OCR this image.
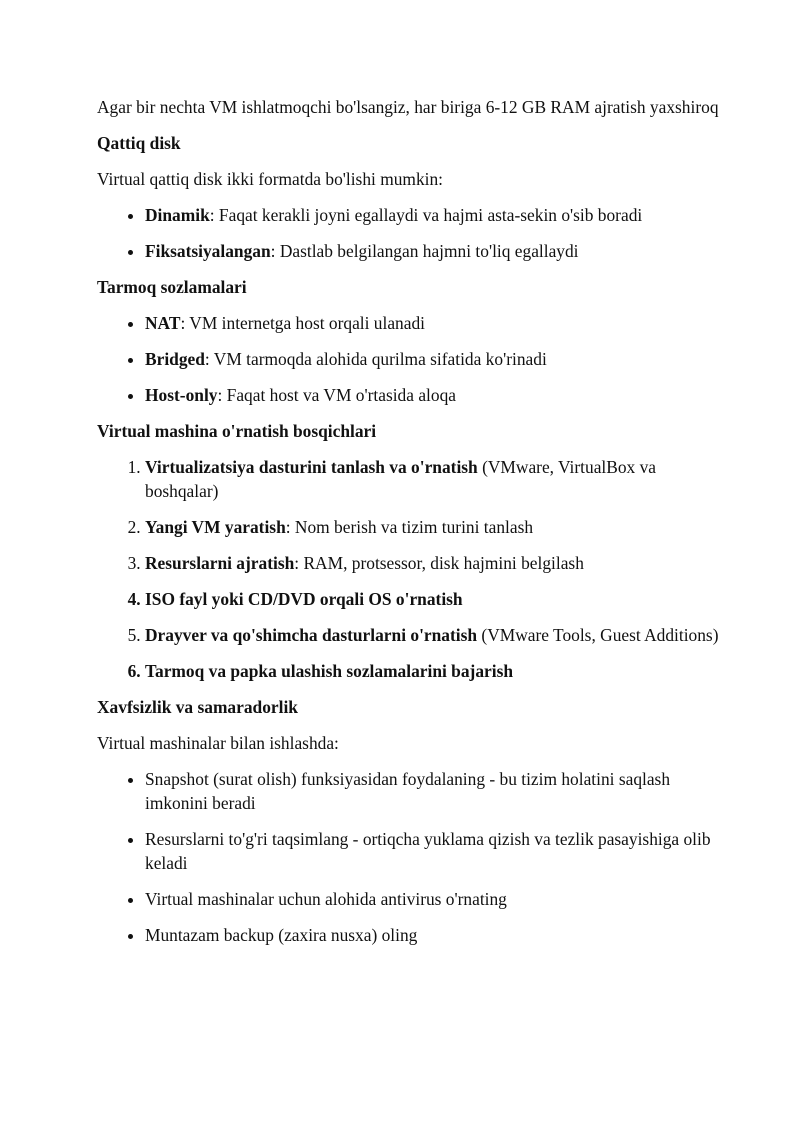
Agar bir nechta VM ishlatmoqchi bo'lsangiz, har biriga 6-12 GB RAM ajratish yaxshiroq

Qattiq disk

Virtual qattiq disk ikki formatda bo'lishi mumkin:

• Dinamik: Faqat kerakli joyni egallaydi va hajmi asta-sekin o'sib boradi
• Fiksatsiyalangan: Dastlab belgilangan hajmni to'liq egallaydi
Tarmoq sozlamalari
• NAT: VM internetga host orqali ulanadi
• Bridged: VM tarmoqda alohida qurilma sifatida ko'rinadi
• Host-only: Faqat host va VM o'rtasida aloqa
Virtual mashina o'rnatish bosqichlari
1. Virtualizatsiya dasturini tanlash va o'rnatish (VMware, VirtualBox va boshqalar)
2. Yangi VM yaratish: Nom berish va tizim turini tanlash
3. Resurslarni ajratish: RAM, protsessor, disk hajmini belgilash
4. ISO fayl yoki CD/DVD orqali OS o'rnatish
5. Drayver va qo'shimcha dasturlarni o'rnatish (VMware Tools, Guest Additions)
6. Tarmoq va papka ulashish sozlamalarini bajarish
Xavfsizlik va samaradorlik

Virtual mashinalar bilan ishlashda:

• Snapshot (surat olish) funksiyasidan foydalaning - bu tizim holatini saqlash imkonini beradi
• Resurslarni to'g'ri taqsimlang - ortiqcha yuklama qizish va tezlik pasayishiga olib keladi
• Virtual mashinalar uchun alohida antivirus o'rnating
• Muntazam backup (zaxira nusxa) oling
